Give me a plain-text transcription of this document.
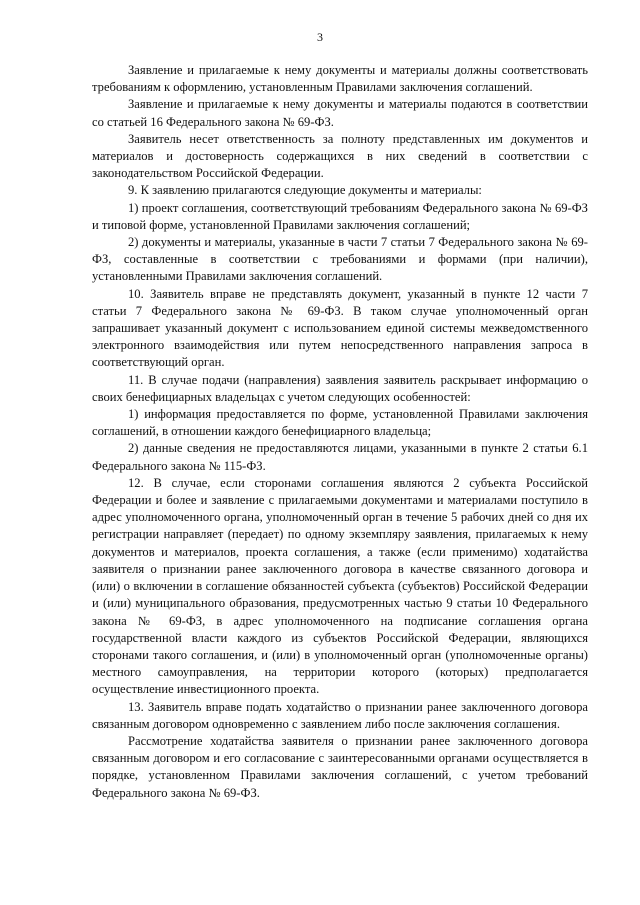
3

Заявление и прилагаемые к нему документы и материалы должны соответствовать требованиям к оформлению, установленным Правилами заключения соглашений.

Заявление и прилагаемые к нему документы и материалы подаются в соответствии со статьей 16 Федерального закона № 69-ФЗ.

Заявитель несет ответственность за полноту представленных им документов и материалов и достоверность содержащихся в них сведений в соответствии с законодательством Российской Федерации.

9. К заявлению прилагаются следующие документы и материалы:

1) проект соглашения, соответствующий требованиям Федерального закона № 69-ФЗ и типовой форме, установленной Правилами заключения соглашений;

2) документы и материалы, указанные в части 7 статьи 7 Федерального закона № 69-ФЗ, составленные в соответствии с требованиями и формами (при наличии), установленными Правилами заключения соглашений.

10. Заявитель вправе не представлять документ, указанный в пункте 12 части 7 статьи 7 Федерального закона № 69-ФЗ. В таком случае уполномоченный орган запрашивает указанный документ с использованием единой системы межведомственного электронного взаимодействия или путем непосредственного направления запроса в соответствующий орган.

11. В случае подачи (направления) заявления заявитель раскрывает информацию о своих бенефициарных владельцах с учетом следующих особенностей:

1) информация предоставляется по форме, установленной Правилами заключения соглашений, в отношении каждого бенефициарного владельца;

2) данные сведения не предоставляются лицами, указанными в пункте 2 статьи 6.1 Федерального закона № 115-ФЗ.

12. В случае, если сторонами соглашения являются 2 субъекта Российской Федерации и более и заявление с прилагаемыми документами и материалами поступило в адрес уполномоченного органа, уполномоченный орган в течение 5 рабочих дней со дня их регистрации направляет (передает) по одному экземпляру заявления, прилагаемых к нему документов и материалов, проекта соглашения, а также (если применимо) ходатайства заявителя о признании ранее заключенного договора в качестве связанного договора и (или) о включении в соглашение обязанностей субъекта (субъектов) Российской Федерации и (или) муниципального образования, предусмотренных частью 9 статьи 10 Федерального закона № 69-ФЗ, в адрес уполномоченного на подписание соглашения органа государственной власти каждого из субъектов Российской Федерации, являющихся сторонами такого соглашения, и (или) в уполномоченный орган (уполномоченные органы) местного самоуправления, на территории которого (которых) предполагается осуществление инвестиционного проекта.

13. Заявитель вправе подать ходатайство о признании ранее заключенного договора связанным договором одновременно с заявлением либо после заключения соглашения.

Рассмотрение ходатайства заявителя о признании ранее заключенного договора связанным договором и его согласование с заинтересованными органами осуществляется в порядке, установленном Правилами заключения соглашений, с учетом требований Федерального закона № 69-ФЗ.
